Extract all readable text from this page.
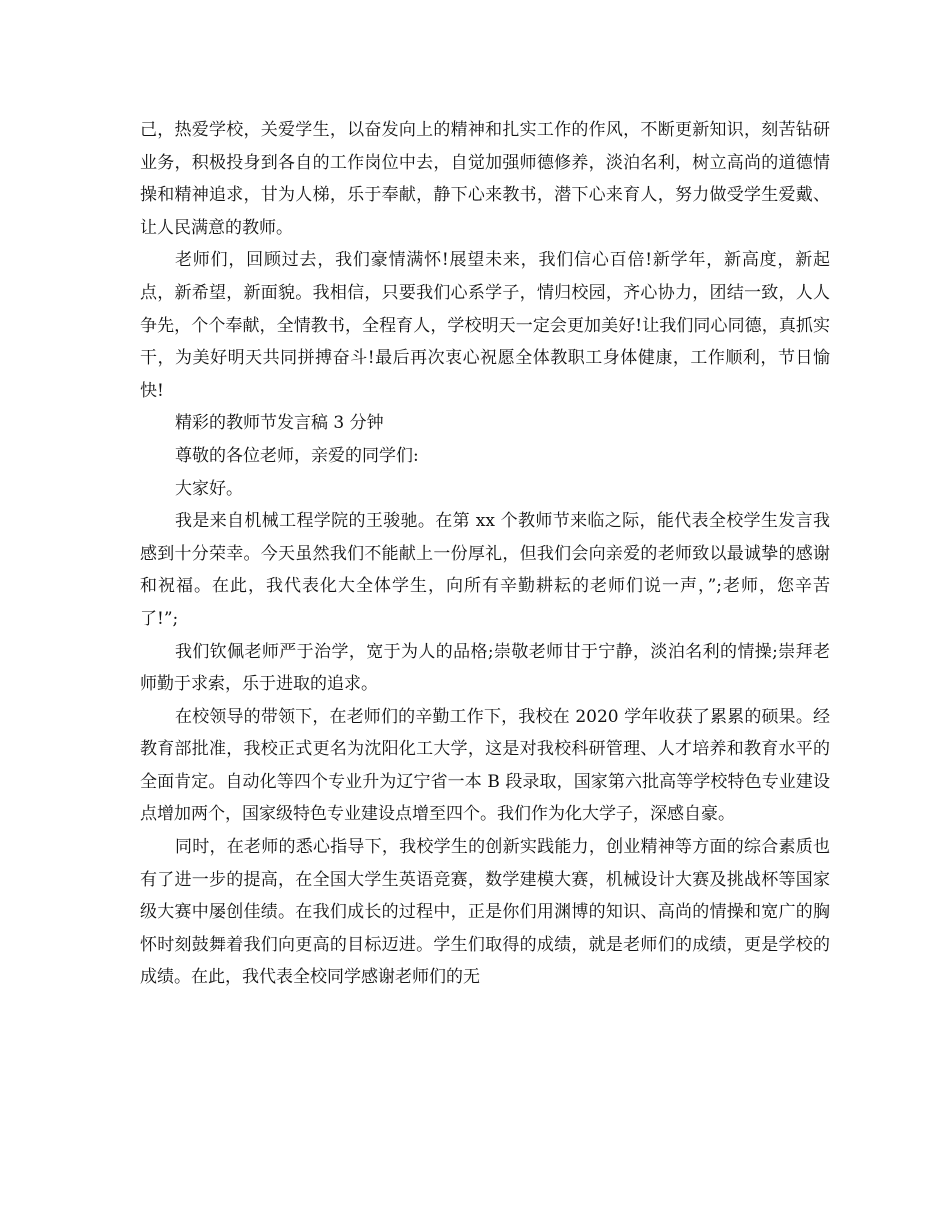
己，热爱学校，关爱学生，以奋发向上的精神和扎实工作的作风，不断更新知识，刻苦钻研业务，积极投身到各自的工作岗位中去，自觉加强师德修养，淡泊名利，树立高尚的道德情操和精神追求，甘为人梯，乐于奉献，静下心来教书，潜下心来育人，努力做受学生爱戴、让人民满意的教师。

老师们，回顾过去，我们豪情满怀!展望未来，我们信心百倍!新学年，新高度，新起点，新希望，新面貌。我相信，只要我们心系学子，情归校园，齐心协力，团结一致，人人争先，个个奉献，全情教书，全程育人，学校明天一定会更加美好!让我们同心同德，真抓实干，为美好明天共同拼搏奋斗!最后再次衷心祝愿全体教职工身体健康，工作顺利，节日愉快!

精彩的教师节发言稿 3 分钟

尊敬的各位老师，亲爱的同学们:

大家好。

我是来自机械工程学院的王骏驰。在第 xx 个教师节来临之际，能代表全校学生发言我感到十分荣幸。今天虽然我们不能献上一份厚礼，但我们会向亲爱的老师致以最诚挚的感谢和祝福。在此，我代表化大全体学生，向所有辛勤耕耘的老师们说一声，”;老师，您辛苦了!”;

我们钦佩老师严于治学，宽于为人的品格;崇敬老师甘于宁静，淡泊名利的情操;崇拜老师勤于求索，乐于进取的追求。

在校领导的带领下，在老师们的辛勤工作下，我校在 2020 学年收获了累累的硕果。经教育部批准，我校正式更名为沈阳化工大学，这是对我校科研管理、人才培养和教育水平的全面肯定。自动化等四个专业升为辽宁省一本 B 段录取，国家第六批高等学校特色专业建设点增加两个，国家级特色专业建设点增至四个。我们作为化大学子，深感自豪。

同时，在老师的悉心指导下，我校学生的创新实践能力，创业精神等方面的综合素质也有了进一步的提高，在全国大学生英语竞赛，数学建模大赛，机械设计大赛及挑战杯等国家级大赛中屡创佳绩。在我们成长的过程中，正是你们用渊博的知识、高尚的情操和宽广的胸怀时刻鼓舞着我们向更高的目标迈进。学生们取得的成绩，就是老师们的成绩，更是学校的成绩。在此，我代表全校同学感谢老师们的无
